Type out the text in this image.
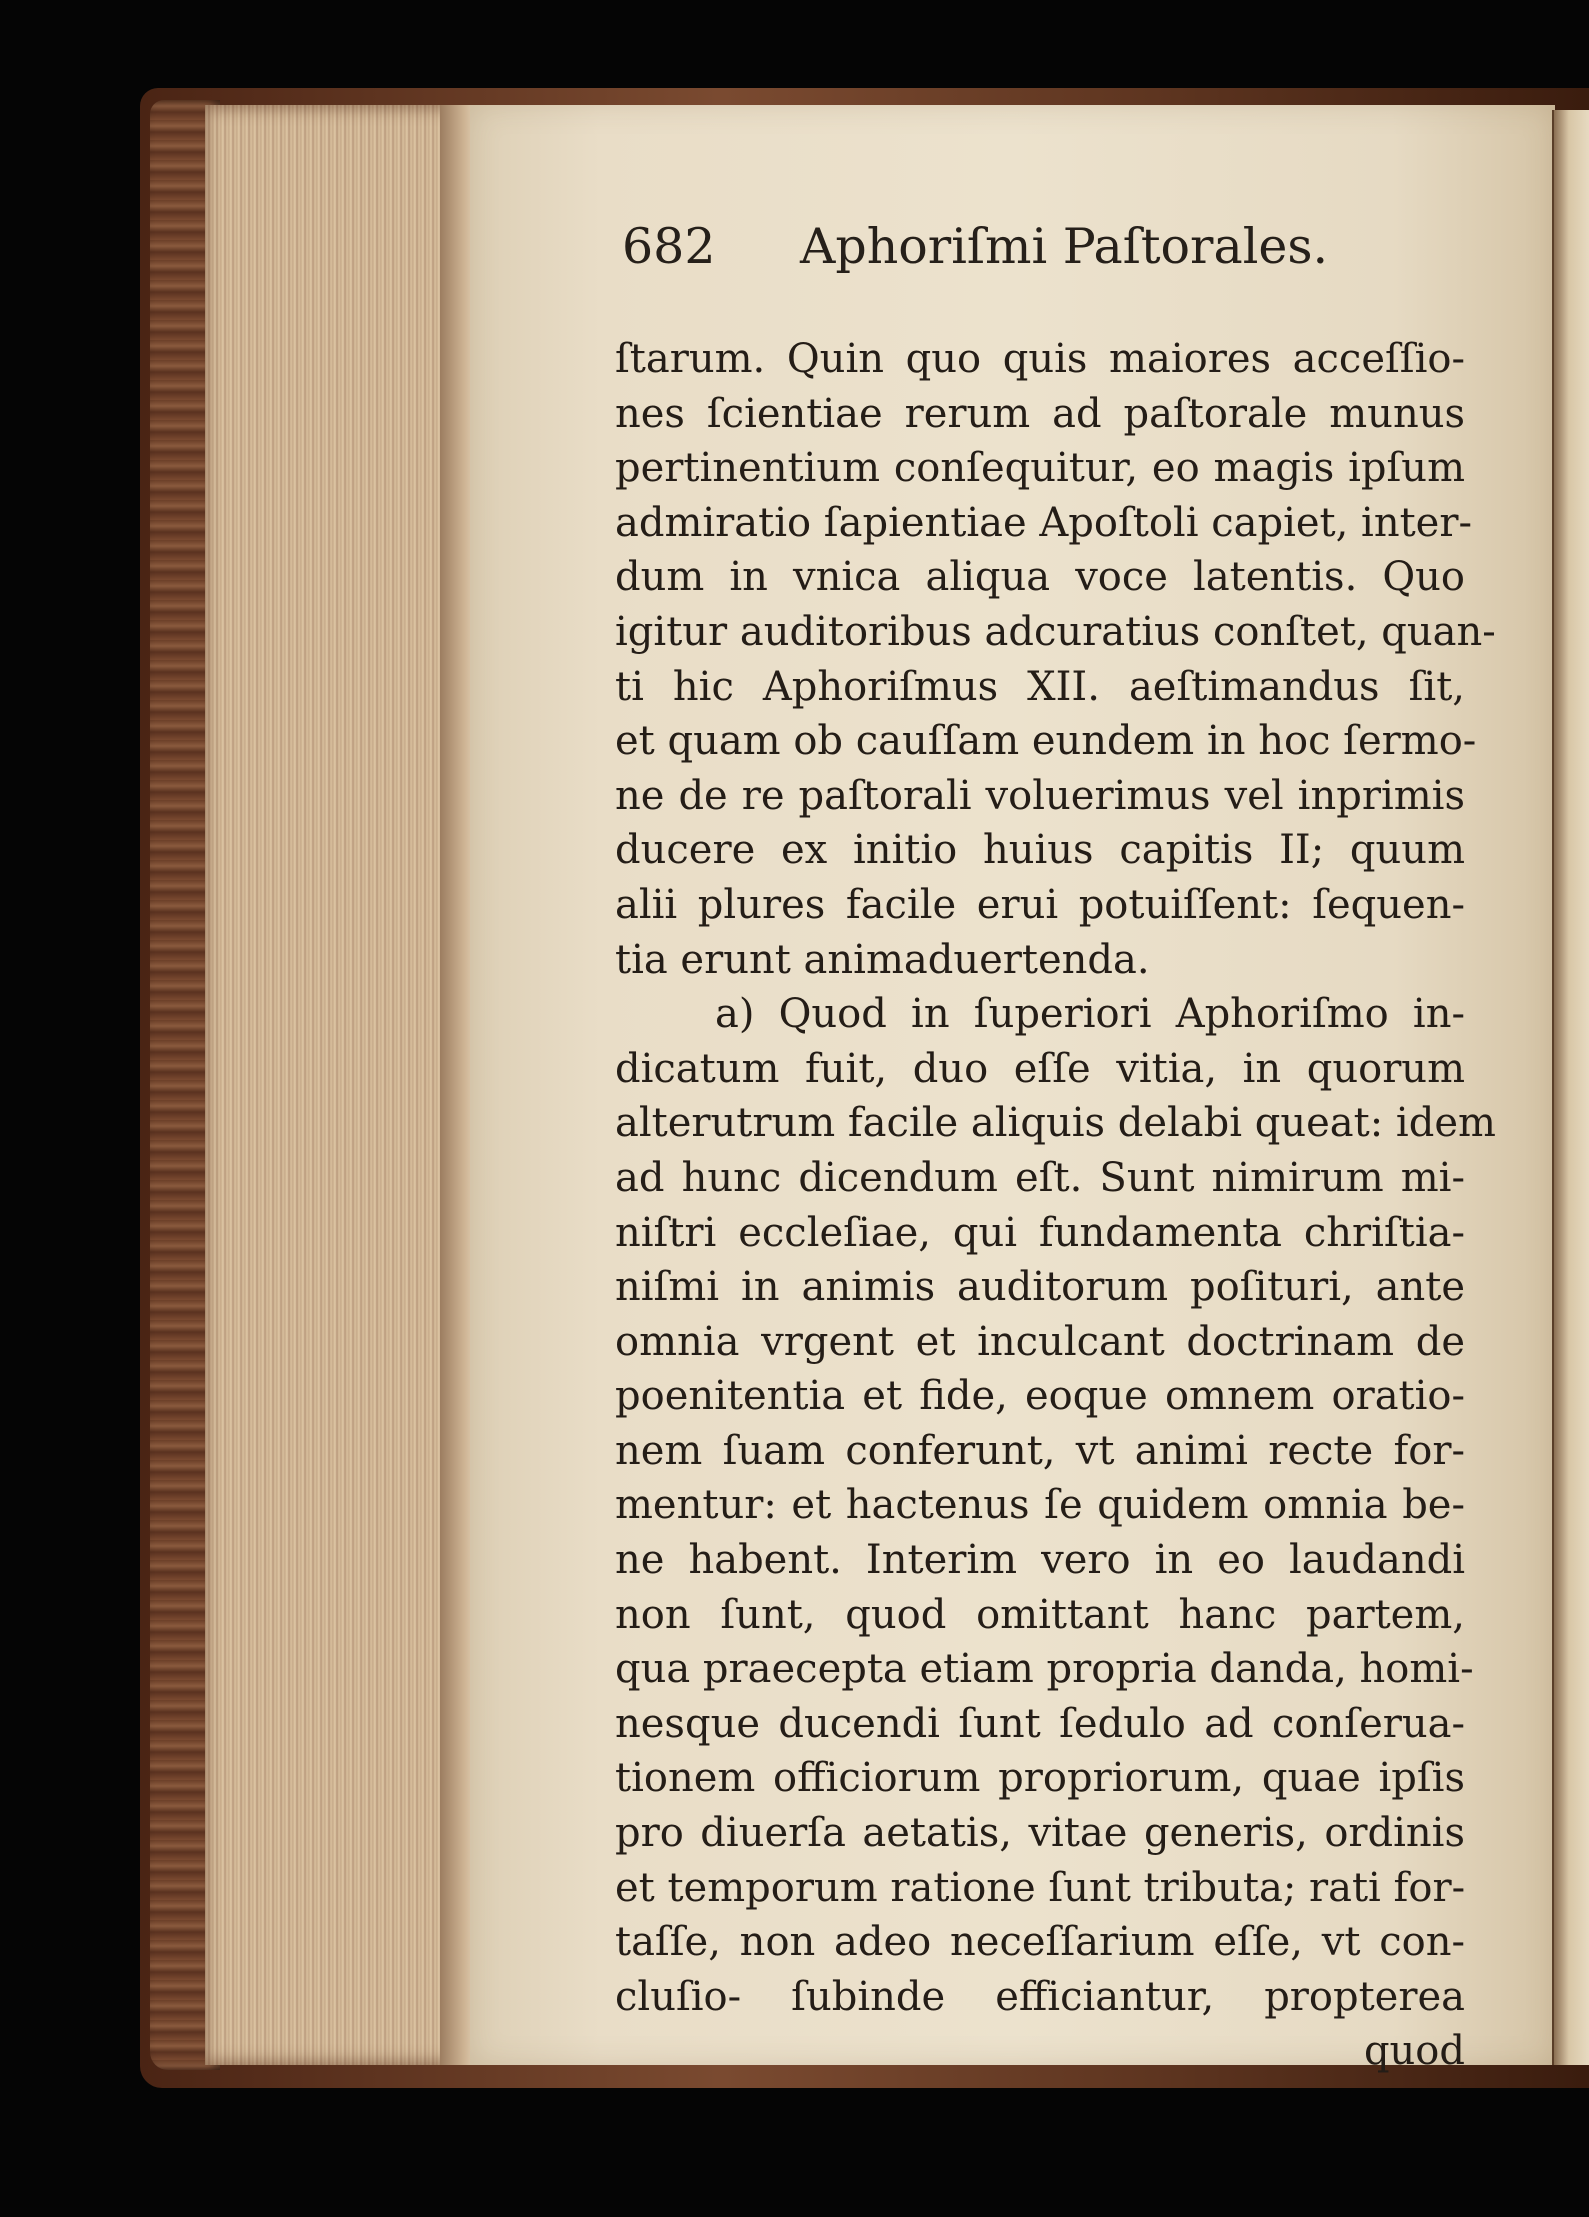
682 Aphoriſmi Paſtorales.
ſtarum. Quin quo quis maiores acceſſio-
nes ſcientiae rerum ad paſtorale munus
pertinentium conſequitur, eo magis ipſum
admiratio ſapientiae Apoſtoli capiet, inter-
dum in vnica aliqua voce latentis. Quo
igitur auditoribus adcuratius conſtet, quan-
ti hic Aphoriſmus XII. aeſtimandus ſit,
et quam ob cauſſam eundem in hoc ſermo-
ne de re paſtorali voluerimus vel inprimis
ducere ex initio huius capitis II; quum
alii plures facile erui potuiſſent: ſequen-
tia erunt animaduertenda.
a) Quod in ſuperiori Aphoriſmo in-
dicatum fuit, duo eſſe vitia, in quorum
alterutrum facile aliquis delabi queat: idem
ad hunc dicendum eſt. Sunt nimirum mi-
niſtri eccleſiae, qui fundamenta chriſtia-
niſmi in animis auditorum poſituri, ante
omnia vrgent et inculcant doctrinam de
poenitentia et fide, eoque omnem oratio-
nem ſuam conferunt, vt animi recte for-
mentur: et hactenus ſe quidem omnia be-
ne habent. Interim vero in eo laudandi
non ſunt, quod omittant hanc partem,
qua praecepta etiam propria danda, homi-
nesque ducendi ſunt ſedulo ad conſerua-
tionem officiorum propriorum, quae ipſis
pro diuerſa aetatis, vitae generis, ordinis
et temporum ratione ſunt tributa; rati for-
taſſe, non adeo neceſſarium eſſe, vt con-
cluſio- ſubinde efficiantur, propterea
quod
